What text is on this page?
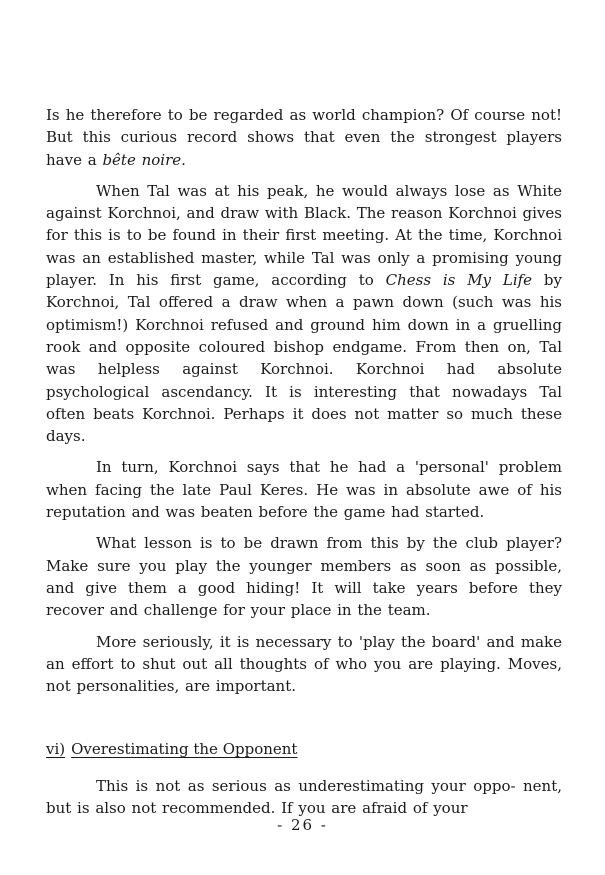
Is he therefore to be regarded as world champion? Of course not! But this curious record shows that even the strongest players have a bête noire.

When Tal was at his peak, he would always lose as White against Korchnoi, and draw with Black. The reason Korchnoi gives for this is to be found in their first meeting. At the time, Korchnoi was an established master, while Tal was only a promising young player. In his first game, according to Chess is My Life by Korchnoi, Tal offered a draw when a pawn down (such was his optimism!) Korchnoi refused and ground him down in a gruelling rook and opposite coloured bishop endgame. From then on, Tal was helpless against Korchnoi. Korchnoi had absolute psychological ascendancy. It is interesting that nowadays Tal often beats Korchnoi. Perhaps it does not matter so much these days.

In turn, Korchnoi says that he had a 'personal' problem when facing the late Paul Keres. He was in absolute awe of his reputation and was beaten before the game had started.

What lesson is to be drawn from this by the club player? Make sure you play the younger members as soon as possible, and give them a good hiding! It will take years before they recover and challenge for your place in the team.

More seriously, it is necessary to 'play the board' and make an effort to shut out all thoughts of who you are playing. Moves, not personalities, are important.

vi) Overestimating the Opponent

This is not as serious as underestimating your oppo- nent, but is also not recommended. If you are afraid of your

- 26 -
